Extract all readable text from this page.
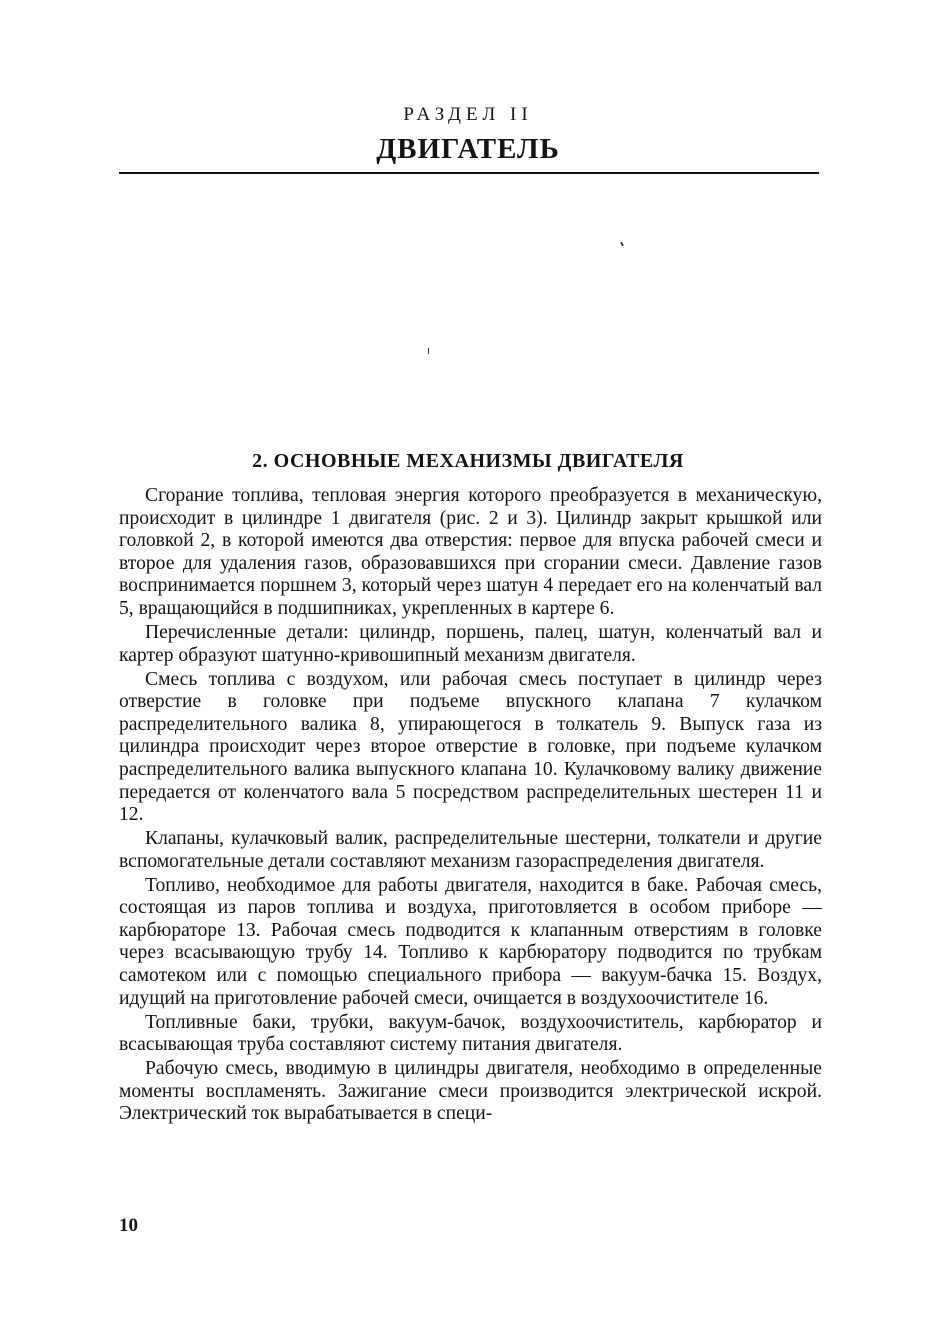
РАЗДЕЛ II
ДВИГАТЕЛЬ
2. ОСНОВНЫЕ МЕХАНИЗМЫ ДВИГАТЕЛЯ

Сгорание топлива, тепловая энергия которого преобразуется в механическую, происходит в цилиндре 1 двигателя (рис. 2 и 3). Цилиндр закрыт крышкой или головкой 2, в которой имеются два отверстия: первое для впуска рабочей смеси и второе для удаления газов, образовавшихся при сгорании смеси. Давление газов воспринимается поршнем 3, который через шатун 4 передает его на коленчатый вал 5, вращающийся в подшипниках, укрепленных в картере 6.

Перечисленные детали: цилиндр, поршень, палец, шатун, коленчатый вал и картер образуют шатунно-кривошипный механизм двигателя.

Смесь топлива с воздухом, или рабочая смесь поступает в цилиндр через отверстие в головке при подъеме впускного клапана 7 кулачком распределительного валика 8, упирающегося в толкатель 9. Выпуск газа из цилиндра происходит через второе отверстие в головке, при подъеме кулачком распределительного валика выпускного клапана 10. Кулачковому валику движение передается от коленчатого вала 5 посредством распределительных шестерен 11 и 12.

Клапаны, кулачковый валик, распределительные шестерни, толкатели и другие вспомогательные детали составляют механизм газораспределения двигателя.

Топливо, необходимое для работы двигателя, находится в баке. Рабочая смесь, состоящая из паров топлива и воздуха, приготовляется в особом приборе — карбюраторе 13. Рабочая смесь подводится к клапанным отверстиям в головке через всасывающую трубу 14. Топливо к карбюратору подводится по трубкам самотеком или с помощью специального прибора — вакуум-бачка 15. Воздух, идущий на приготовление рабочей смеси, очищается в воздухоочистителе 16.

Топливные баки, трубки, вакуум-бачок, воздухоочиститель, карбюратор и всасывающая труба составляют систему питания двигателя.

Рабочую смесь, вводимую в цилиндры двигателя, необходимо в определенные моменты воспламенять. Зажигание смеси производится электрической искрой. Электрический ток вырабатывается в специ-

10
